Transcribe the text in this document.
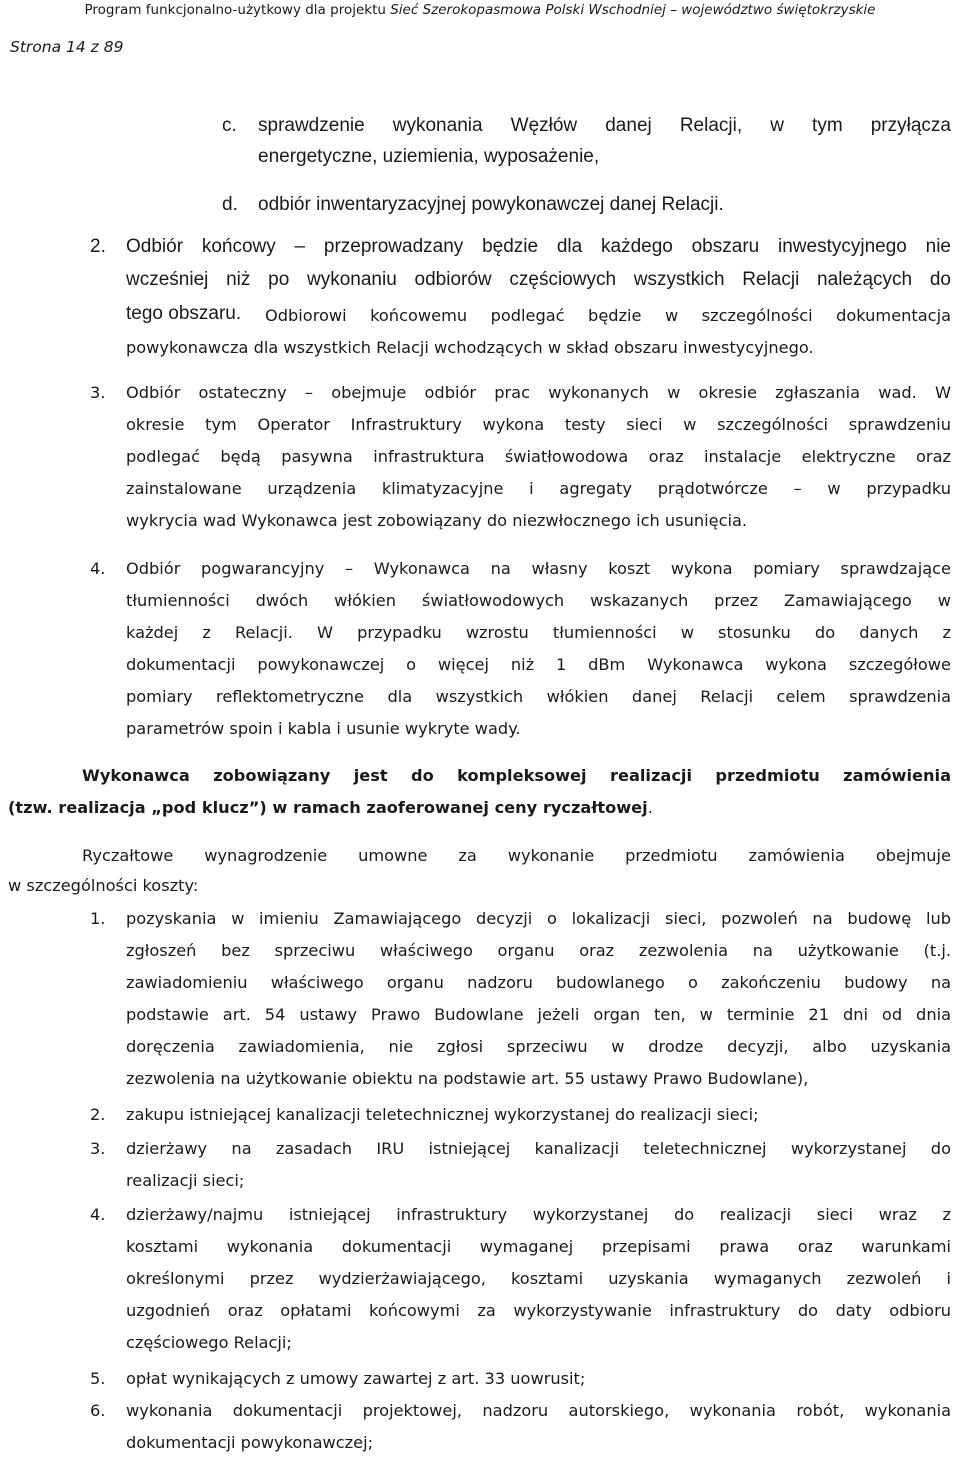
Program funkcjonalno-użytkowy dla projektu Sieć Szerokopasmowa Polski Wschodniej – województwo świętokrzyskie
Strona 14 z 89
c. sprawdzenie wykonania Węzłów danej Relacji, w tym przyłącza
energetyczne, uziemienia, wyposażenie,
d. odbiór inwentaryzacyjnej powykonawczej danej Relacji.
2. Odbiór końcowy – przeprowadzany będzie dla każdego obszaru inwestycyjnego nie
wcześniej niż po wykonaniu odbiorów częściowych wszystkich Relacji należących do
tego obszaru.	Odbiorowi końcowemu podlegać będzie w szczególności dokumentacja
powykonawcza dla wszystkich Relacji wchodzących w skład obszaru inwestycyjnego.
3. Odbiór ostateczny – obejmuje odbiór prac wykonanych w okresie zgłaszania wad. W
okresie tym Operator Infrastruktury wykona testy sieci w szczególności sprawdzeniu
podlegać będą pasywna infrastruktura światłowodowa oraz instalacje elektryczne oraz
zainstalowane urządzenia klimatyzacyjne i agregaty prądotwórcze – w przypadku
wykrycia wad Wykonawca jest zobowiązany do niezwłocznego ich usunięcia.
4. Odbiór pogwarancyjny – Wykonawca na własny koszt wykona pomiary sprawdzające
tłumienności dwóch włókien światłowodowych wskazanych przez Zamawiającego w
każdej z Relacji. W przypadku wzrostu tłumienności w stosunku do danych z
dokumentacji powykonawczej o więcej niż 1 dBm Wykonawca wykona szczegółowe
pomiary reflektometryczne dla wszystkich włókien danej Relacji celem sprawdzenia
parametrów spoin i kabla i usunie wykryte wady.
Wykonawca zobowiązany jest do kompleksowej realizacji przedmiotu zamówienia
(tzw. realizacja „pod klucz”) w ramach zaoferowanej ceny ryczałtowej.
Ryczałtowe wynagrodzenie umowne za wykonanie przedmiotu zamówienia obejmuje
w szczególności koszty:
1. pozyskania w imieniu Zamawiającego decyzji o lokalizacji sieci, pozwoleń na budowę lub
zgłoszeń bez sprzeciwu właściwego organu oraz zezwolenia na użytkowanie (t.j.
zawiadomieniu właściwego organu nadzoru budowlanego o zakończeniu budowy na
podstawie art. 54 ustawy Prawo Budowlane jeżeli organ ten, w terminie 21 dni od dnia
doręczenia zawiadomienia, nie zgłosi sprzeciwu w drodze decyzji, albo uzyskania
zezwolenia na użytkowanie obiektu na podstawie art. 55 ustawy Prawo Budowlane),
2. zakupu istniejącej kanalizacji teletechnicznej wykorzystanej do realizacji sieci;
3. dzierżawy na zasadach IRU istniejącej kanalizacji teletechnicznej wykorzystanej do
realizacji sieci;
4. dzierżawy/najmu istniejącej infrastruktury wykorzystanej do realizacji sieci wraz z
kosztami wykonania dokumentacji wymaganej przepisami prawa oraz warunkami
określonymi przez wydzierżawiającego, kosztami uzyskania wymaganych zezwoleń i
uzgodnień oraz opłatami końcowymi za wykorzystywanie infrastruktury do daty odbioru
częściowego Relacji;
5. opłat wynikających z umowy zawartej z art. 33 uowrusit;
6. wykonania dokumentacji projektowej, nadzoru autorskiego, wykonania robót, wykonania
dokumentacji powykonawczej;
